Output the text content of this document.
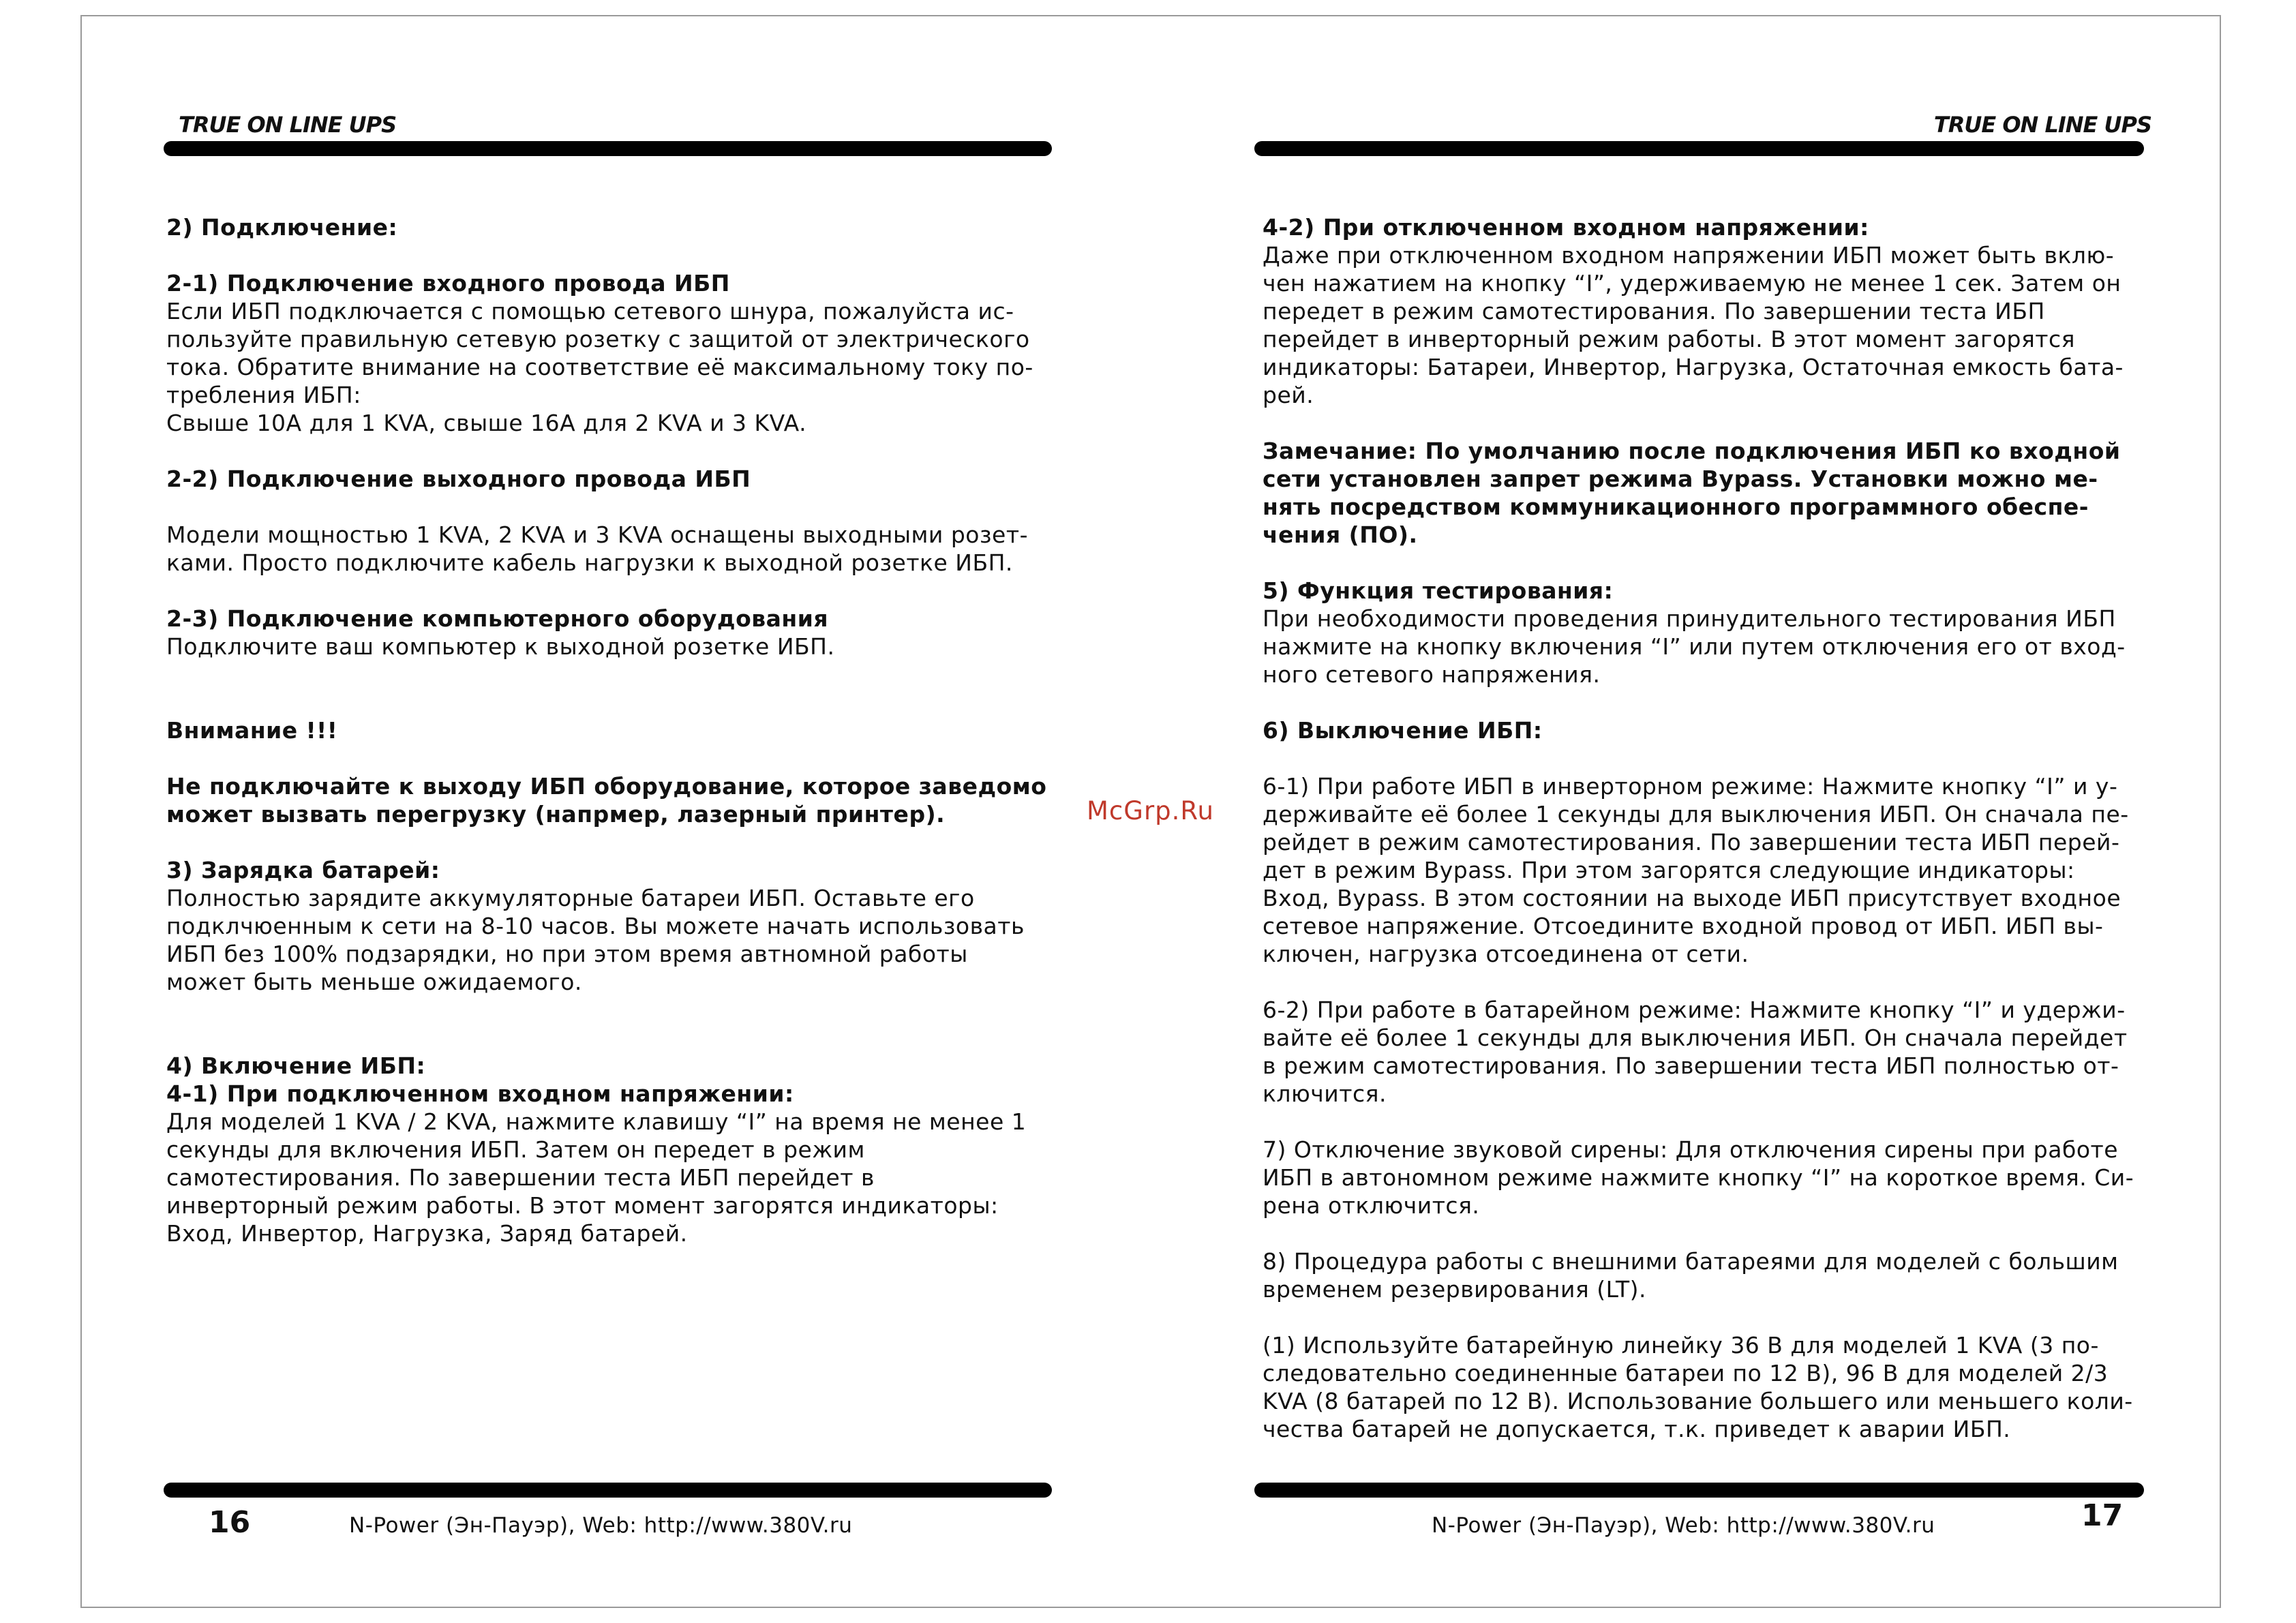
TRUE ON LINE UPS

2) Подключение:

2-1) Подключение входного провода ИБП

Если ИБП подключается с помощью сетевого шнура, пожалуйста ис-

пользуйте правильную сетевую розетку с защитой от электрического

тока. Обратите внимание на соответствие её максимальному току по-

требления ИБП:

Свыше 10А для 1 KVA, свыше 16А для 2 KVA и 3 KVA.

2-2) Подключение выходного провода ИБП

Модели мощностью 1 KVA, 2 KVA и 3 KVA оснащены выходными розет-

ками. Просто подключите кабель нагрузки к выходной розетке ИБП.

2-3) Подключение компьютерного оборудования

Подключите ваш компьютер к выходной розетке ИБП.

Внимание !!!

Не подключайте к выходу ИБП оборудование, которое заведомо

может вызвать перегрузку (напрмер, лазерный принтер).

3) Зарядка батарей:

Полностью зарядите аккумуляторные батареи ИБП. Оставьте его

подклчюенным к сети на 8-10 часов. Вы можете начать использовать

ИБП без 100% подзарядки, но при этом время автномной работы

может быть меньше ожидаемого.

4) Включение ИБП:

4-1) При подключенном входном напряжении:

Для моделей 1 KVA / 2 KVA, нажмите клавишу “I” на время не менее 1

секунды для включения ИБП. Затем он передет в режим

самотестирования. По завершении теста ИБП перейдет в

инверторный режим работы. В этот момент загорятся индикаторы:

Вход, Инвертор, Нагрузка, Заряд батарей.

16	N-Power (Эн-Пауэр), Web: http://www.380V.ru
McGrp.Ru
TRUE ON LINE UPS

4-2) При отключенном входном напряжении:

Даже при отключенном входном напряжении ИБП может быть вклю-

чен нажатием на кнопку “I”, удерживаемую не менее 1 сек. Затем он

передет в режим самотестирования. По завершении теста ИБП

перейдет в инверторный режим работы. В этот момент загорятся

индикаторы: Батареи, Инвертор, Нагрузка, Остаточная емкость бата-

рей.

Замечание: По умолчанию после подключения ИБП ко входной

сети установлен запрет режима Bypass. Установки можно ме-

нять посредством коммуникационного программного обеспе-

чения (ПО).

5) Функция тестирования:

При необходимости проведения принудительного тестирования ИБП

нажмите на кнопку включения “I” или путем отключения его от вход-

ного сетевого напряжения.

6) Выключение ИБП:

6-1) При работе ИБП в инверторном режиме: Нажмите кнопку “I” и у-

держивайте её более 1 секунды для выключения ИБП. Он сначала пе-

рейдет в режим самотестирования. По завершении теста ИБП перей-

дет в режим Bypass. При этом загорятся следующие индикаторы:

Вход, Bypass. В этом состоянии на выходе ИБП присутствует входное

сетевое напряжение. Отсоедините входной провод от ИБП. ИБП вы-

ключен, нагрузка отсоединена от сети.

6-2) При работе в батарейном режиме: Нажмите кнопку “I” и удержи-

вайте её более 1 секунды для выключения ИБП. Он сначала перейдет

в режим самотестирования. По завершении теста ИБП полностью от-

ключится.

7) Отключение звуковой сирены: Для отключения сирены при работе

ИБП в автономном режиме нажмите кнопку “I” на короткое время. Си-

рена отключится.

8) Процедура работы с внешними батареями для моделей с большим

временем резервирования (LT).

(1) Используйте батарейную линейку 36 В для моделей 1 KVA (3 по-

следовательно соединенные батареи по 12 В), 96 В для моделей 2/3

KVA (8 батарей по 12 В). Использование большего или меньшего коли-

чества батарей не допускается, т.к. приведет к аварии ИБП.

N-Power (Эн-Пауэр), Web: http://www.380V.ru	17
